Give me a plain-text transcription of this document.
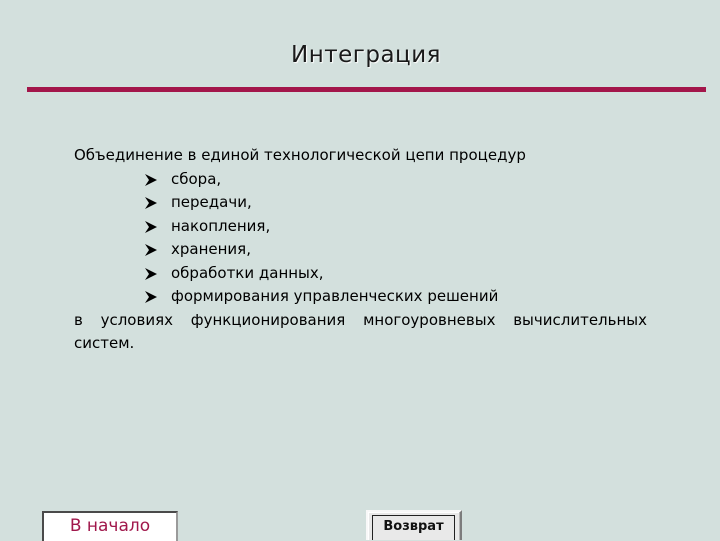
Интеграция
Объединение в единой технологической цепи процедур
сбора,
передачи,
накопления,
хранения,
обработки данных,
формирования управленческих решений
в условиях функционирования многоуровневых вычислительных систем.
В начало	Возврат
